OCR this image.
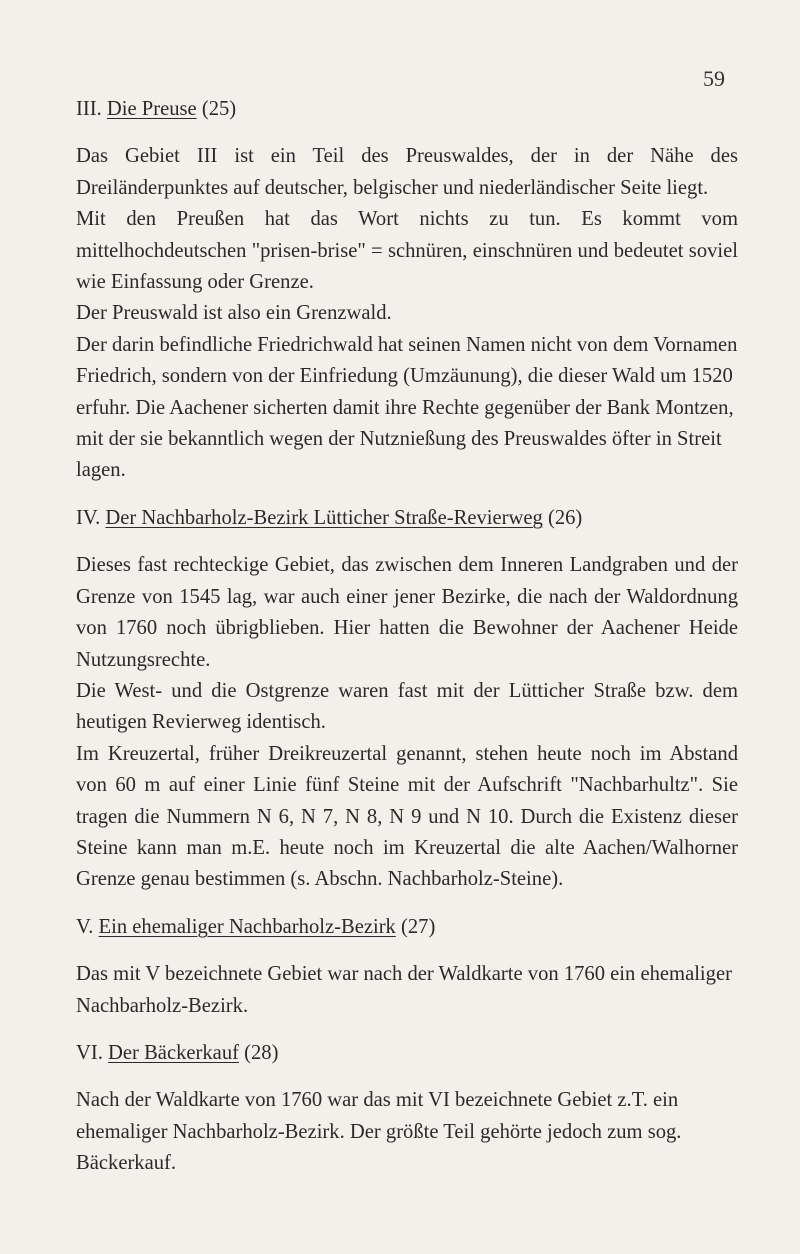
59
III. Die Preuse (25)

Das Gebiet III ist ein Teil des Preuswaldes, der in der Nähe des Dreiländerpunktes auf deutscher, belgischer und niederländischer Seite liegt.

Mit den Preußen hat das Wort nichts zu tun. Es kommt vom mittelhochdeutschen "prisen-brise" = schnüren, einschnüren und bedeutet soviel wie Einfassung oder Grenze.

Der Preuswald ist also ein Grenzwald.

Der darin befindliche Friedrichwald hat seinen Namen nicht von dem Vornamen Friedrich, sondern von der Einfriedung (Umzäunung), die dieser Wald um 1520 erfuhr. Die Aachener sicherten damit ihre Rechte gegenüber der Bank Montzen, mit der sie bekanntlich wegen der Nutznießung des Preuswaldes öfter in Streit lagen.

IV. Der Nachbarholz-Bezirk Lütticher Straße-Revierweg (26)

Dieses fast rechteckige Gebiet, das zwischen dem Inneren Landgraben und der Grenze von 1545 lag, war auch einer jener Bezirke, die nach der Waldordnung von 1760 noch übrigblieben. Hier hatten die Bewohner der Aachener Heide Nutzungsrechte.

Die West- und die Ostgrenze waren fast mit der Lütticher Straße bzw. dem heutigen Revierweg identisch.

Im Kreuzertal, früher Dreikreuzertal genannt, stehen heute noch im Abstand von 60 m auf einer Linie fünf Steine mit der Aufschrift "Nachbarhultz". Sie tragen die Nummern N 6, N 7, N 8, N 9 und N 10. Durch die Existenz dieser Steine kann man m.E. heute noch im Kreuzertal die alte Aachen/Walhorner Grenze genau bestimmen (s. Abschn. Nachbarholz-Steine).

V. Ein ehemaliger Nachbarholz-Bezirk (27)

Das mit V bezeichnete Gebiet war nach der Waldkarte von 1760 ein ehemaliger Nachbarholz-Bezirk.

VI. Der Bäckerkauf (28)

Nach der Waldkarte von 1760 war das mit VI bezeichnete Gebiet z.T. ein ehemaliger Nachbarholz-Bezirk. Der größte Teil gehörte jedoch zum sog. Bäckerkauf.
